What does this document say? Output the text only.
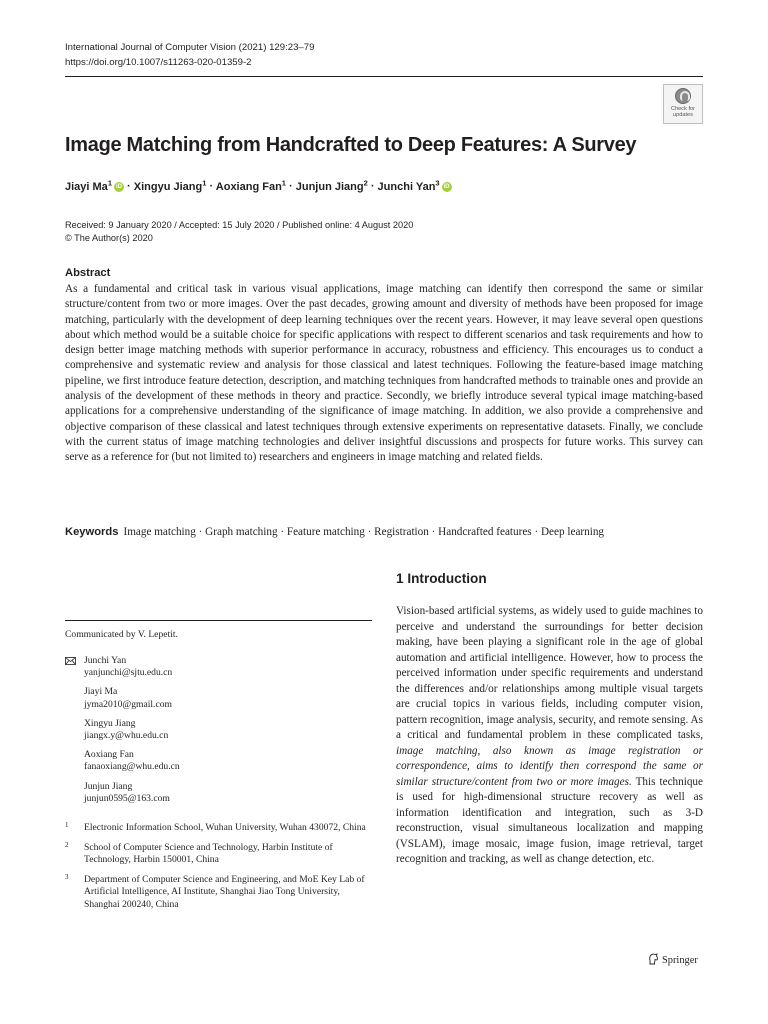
International Journal of Computer Vision (2021) 129:23–79
https://doi.org/10.1007/s11263-020-01359-2
Check for
updates
Image Matching from Handcrafted to Deep Features: A Survey
Jiayi Ma$^1$ iD · Xingyu Jiang$^1$ · Aoxiang Fan$^1$ · Junjun Jiang$^2$ · Junchi Yan$^3$ iD
Received: 9 January 2020 / Accepted: 15 July 2020 / Published online: 4 August 2020
© The Author(s) 2020
Abstract
As a fundamental and critical task in various visual applications, image matching can identify then correspond the same or similar structure/content from two or more images. Over the past decades, growing amount and diversity of methods have been proposed for image matching, particularly with the development of deep learning techniques over the recent years. However, it may leave several open questions about which method would be a suitable choice for specific applications with respect to different scenarios and task requirements and how to design better image matching methods with superior performance in accuracy, robustness and efficiency. This encourages us to conduct a comprehensive and systematic review and analysis for those classical and latest techniques. Following the feature-based image matching pipeline, we first introduce feature detection, description, and matching techniques from handcrafted methods to trainable ones and provide an analysis of the development of these methods in theory and practice. Secondly, we briefly introduce several typical image matching-based applications for a comprehensive understanding of the significance of image matching. In addition, we also provide a comprehensive and objective comparison of these classical and latest techniques through extensive experiments on representative datasets. Finally, we conclude with the current status of image matching technologies and deliver insightful discussions and prospects for future works. This survey can serve as a reference for (but not limited to) researchers and engineers in image matching and related fields.
Keywords Image matching · Graph matching · Feature matching · Registration · Handcrafted features · Deep learning
1 Introduction
Vision-based artificial systems, as widely used to guide machines to perceive and understand the surroundings for better decision making, have been playing a significant role in the age of global automation and artificial intelligence. However, how to process the perceived information under specific requirements and understand the differences and/or relationships among multiple visual targets are crucial topics in various fields, including computer vision, pattern recognition, image analysis, security, and remote sensing. As a critical and fundamental problem in these complicated tasks, image matching, also known as image registration or correspondence, aims to identify then correspond the same or similar structure/content from two or more images. This technique is used for high-dimensional structure recovery as well as information identification and integration, such as 3-D reconstruction, visual simultaneous localization and mapping (VSLAM), image mosaic, image fusion, image retrieval, target recognition and tracking, as well as change detection, etc.
Communicated by V. Lepetit.
Junchi Yan
yanjunchi@sjtu.edu.cn
Jiayi Ma
jyma2010@gmail.com
Xingyu Jiang
jiangx.y@whu.edu.cn
Aoxiang Fan
fanaoxiang@whu.edu.cn
Junjun Jiang
junjun0595@163.com
1 Electronic Information School, Wuhan University, Wuhan 430072, China
2 School of Computer Science and Technology, Harbin Institute of Technology, Harbin 150001, China
3 Department of Computer Science and Engineering, and MoE Key Lab of Artificial Intelligence, AI Institute, Shanghai Jiao Tong University, Shanghai 200240, China
Springer
